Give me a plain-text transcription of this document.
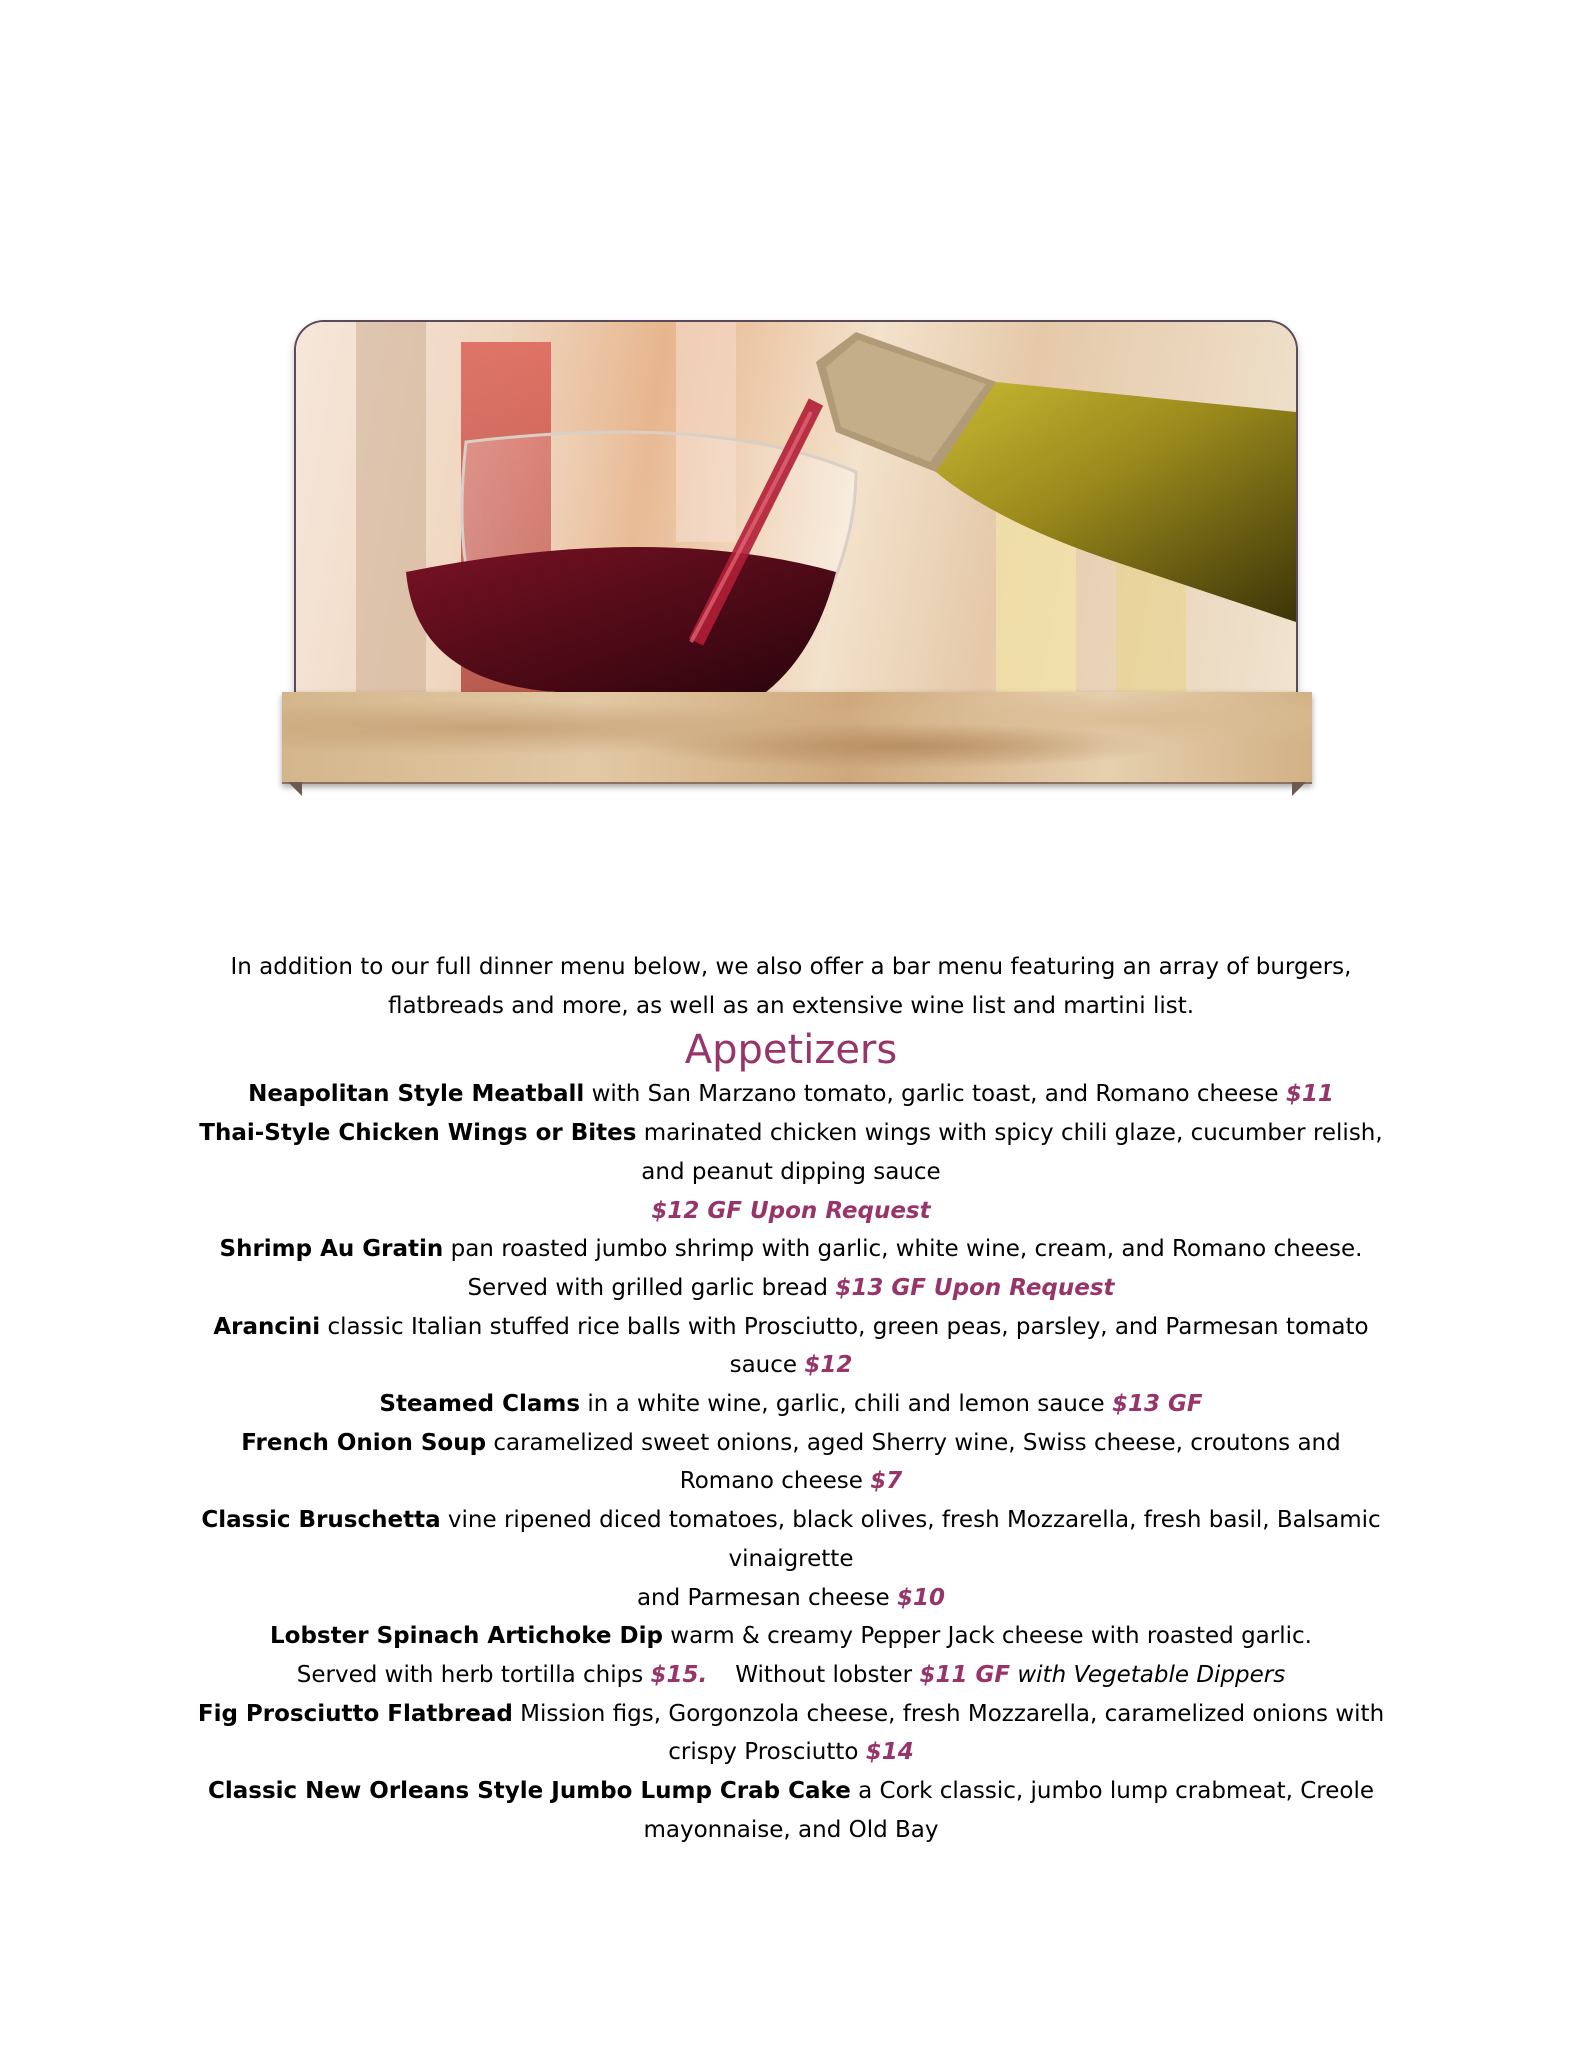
In addition to our full dinner menu below, we also offer a bar menu featuring an array of burgers,

flatbreads and more, as well as an extensive wine list and martini list.

Appetizers

Neapolitan Style Meatball with San Marzano tomato, garlic toast, and Romano cheese $11

Thai-Style Chicken Wings or Bites marinated chicken wings with spicy chili glaze, cucumber relish,

and peanut dipping sauce

$12 GF Upon Request

Shrimp Au Gratin pan roasted jumbo shrimp with garlic, white wine, cream, and Romano cheese.

Served with grilled garlic bread $13 GF Upon Request

Arancini classic Italian stuffed rice balls with Prosciutto, green peas, parsley, and Parmesan tomato

sauce $12

Steamed Clams in a white wine, garlic, chili and lemon sauce $13 GF

French Onion Soup caramelized sweet onions, aged Sherry wine, Swiss cheese, croutons and

Romano cheese $7

Classic Bruschetta vine ripened diced tomatoes, black olives, fresh Mozzarella, fresh basil, Balsamic

vinaigrette

and Parmesan cheese $10

Lobster Spinach Artichoke Dip warm & creamy Pepper Jack cheese with roasted garlic.

Served with herb tortilla chips $15. Without lobster $11 GF with Vegetable Dippers

Fig Prosciutto Flatbread Mission figs, Gorgonzola cheese, fresh Mozzarella, caramelized onions with

crispy Prosciutto $14

Classic New Orleans Style Jumbo Lump Crab Cake a Cork classic, jumbo lump crabmeat, Creole

mayonnaise, and Old Bay
